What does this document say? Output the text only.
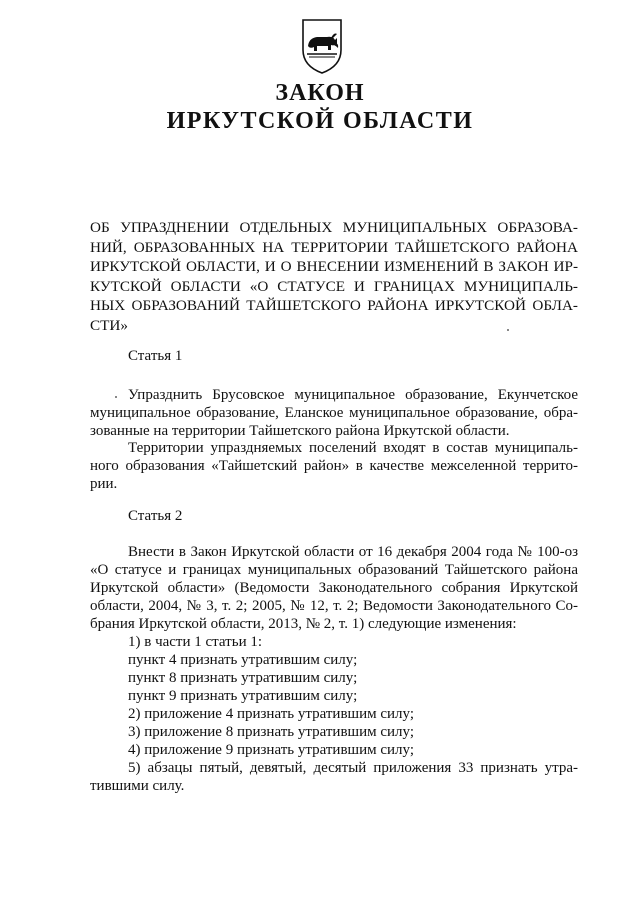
ЗАКОН
ИРКУТСКОЙ ОБЛАСТИ
ОБ УПРАЗДНЕНИИ ОТДЕЛЬНЫХ МУНИЦИПАЛЬНЫХ ОБРАЗОВА-
НИЙ, ОБРАЗОВАННЫХ НА ТЕРРИТОРИИ ТАЙШЕТСКОГО РАЙОНА
ИРКУТСКОЙ ОБЛАСТИ, И О ВНЕСЕНИИ ИЗМЕНЕНИЙ В ЗАКОН ИР-
КУТСКОЙ ОБЛАСТИ «О СТАТУСЕ И ГРАНИЦАХ МУНИЦИПАЛЬ-
НЫХ ОБРАЗОВАНИЙ ТАЙШЕТСКОГО РАЙОНА ИРКУТСКОЙ ОБЛА-
СТИ»
Статья 1
Упразднить Брусовское муниципальное образование, Екунчетское
муниципальное образование, Еланское муниципальное образование, обра-
зованные на территории Тайшетского района Иркутской области.
Территории упраздняемых поселений входят в состав муниципаль-
ного образования «Тайшетский район» в качестве межселенной террито-
рии.
Статья 2
Внести в Закон Иркутской области от 16 декабря 2004 года № 100-оз
«О статусе и границах муниципальных образований Тайшетского района
Иркутской области» (Ведомости Законодательного собрания Иркутской
области, 2004, № 3, т. 2; 2005, № 12, т. 2; Ведомости Законодательного Со-
брания Иркутской области, 2013, № 2, т. 1) следующие изменения:
1) в части 1 статьи 1:
пункт 4 признать утратившим силу;
пункт 8 признать утратившим силу;
пункт 9 признать утратившим силу;
2) приложение 4 признать утратившим силу;
3) приложение 8 признать утратившим силу;
4) приложение 9 признать утратившим силу;
5) абзацы пятый, девятый, десятый приложения 33 признать утра-
тившими силу.
